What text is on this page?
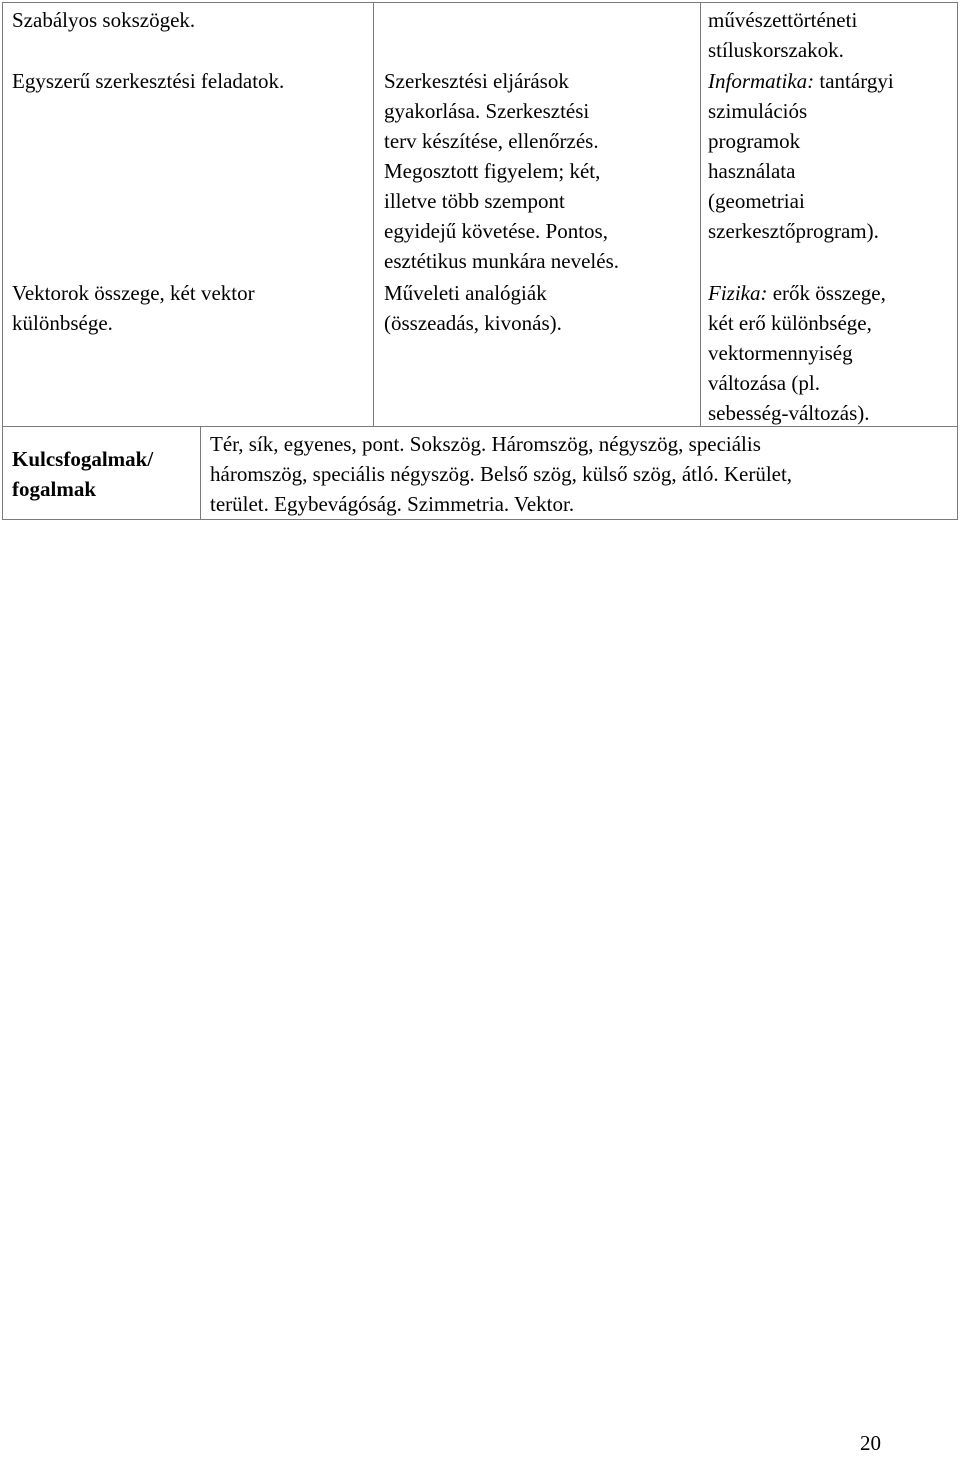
Szabályos sokszögek.	művészettörténeti

stíluskorszakok.

Egyszerű szerkesztési feladatok.	Szerkesztési eljárások

gyakorlása. Szerkesztési

terv készítése, ellenőrzés.

Megosztott figyelem; két,

illetve több szempont

egyidejű követése. Pontos,

esztétikus munkára nevelés.

Informatika: tantárgyi

szimulációs

programok

használata

(geometriai

szerkesztőprogram).

Vektorok összege, két vektor

különbsége.

Műveleti analógiák

(összeadás, kivonás).

Fizika: erők összege,

két erő különbsége,

vektormennyiség

változása (pl.

sebesség-változás).

Kulcsfogalmak/

fogalmak

Tér, sík, egyenes, pont. Sokszög. Háromszög, négyszög, speciális

háromszög, speciális négyszög. Belső szög, külső szög, átló. Kerület,

terület. Egybevágóság. Szimmetria. Vektor.

20
